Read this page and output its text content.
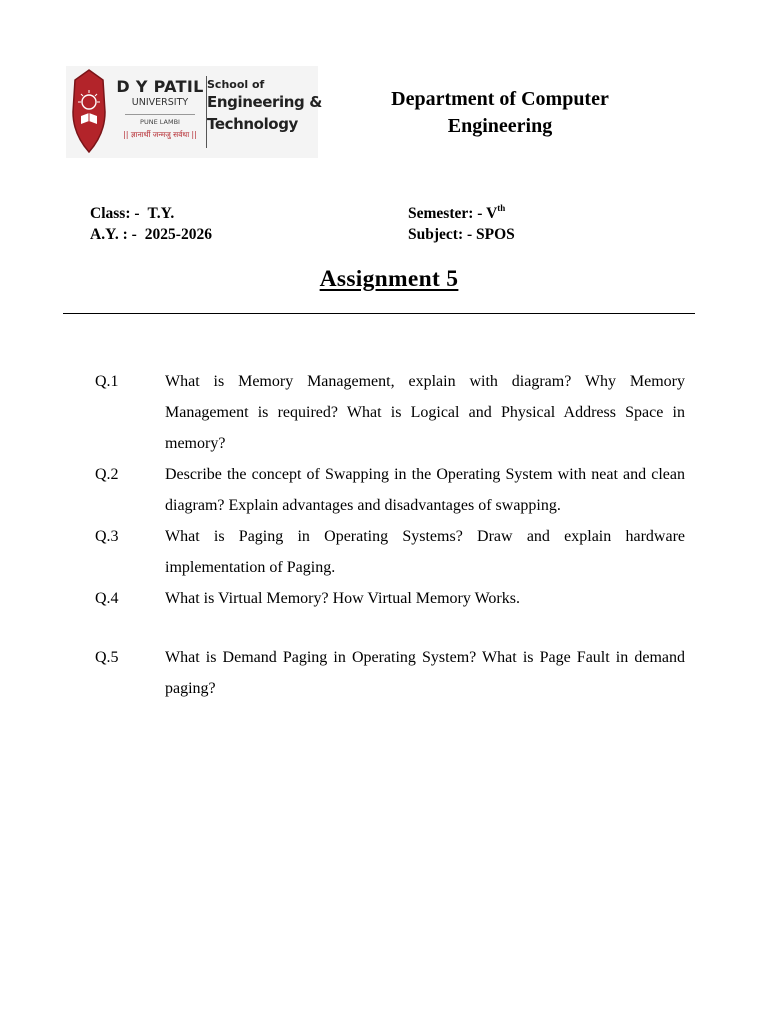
D Y PATIL
UNIVERSITY
PUNE LAMBI
|| ज्ञानार्थी जन्मजु सर्वथा ||
School of
Engineering &
Technology
Department of Computer
Engineering
Class: - T.Y.
A.Y. : - 2025-2026
Semester: - Vth
Subject: - SPOS
Assignment 5
Q.1	What is Memory Management, explain with diagram? Why Memory Management is required? What is Logical and Physical Address Space in memory?
Q.2	Describe the concept of Swapping in the Operating System with neat and clean diagram? Explain advantages and disadvantages of swapping.
Q.3	What is Paging in Operating Systems? Draw and explain hardware implementation of Paging.
Q.4	What is Virtual Memory? How Virtual Memory Works.
Q.5	What is Demand Paging in Operating System? What is Page Fault in demand paging?
